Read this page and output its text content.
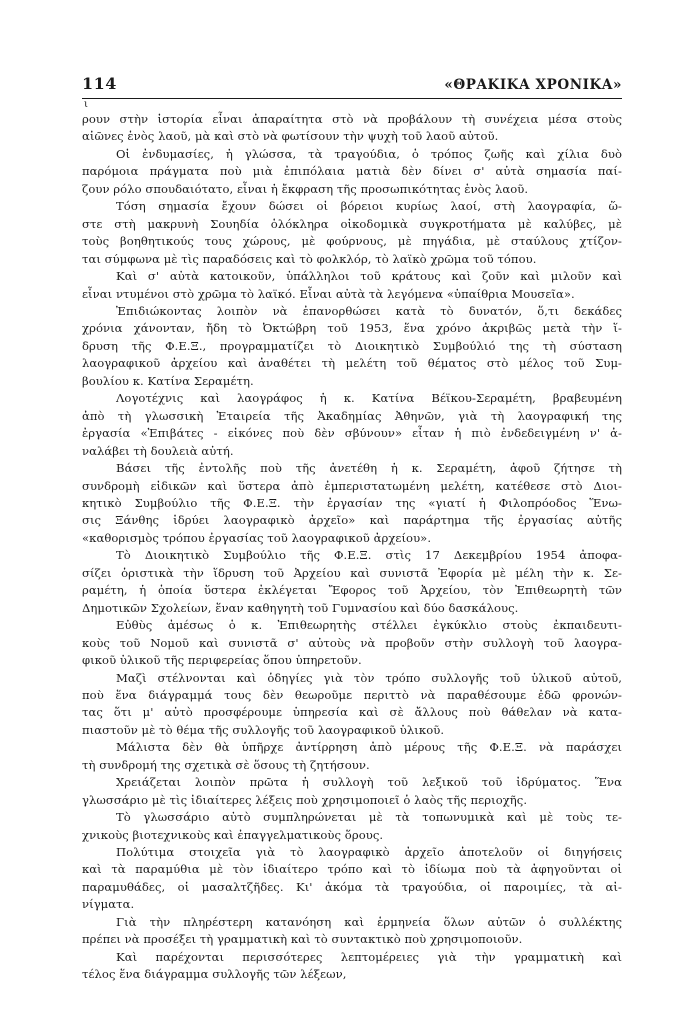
114	«ΘΡΑΚΙΚΑ ΧΡΟΝΙΚΑ»
ι
ρουν στὴν ἱστορία εἶναι ἀπαραίτητα στὸ νὰ προβάλουν τὴ συνέχεια μέσα στοὺς
αἰῶνες ἑνὸς λαοῦ, μὰ καὶ στὸ νὰ φωτίσουν τὴν ψυχὴ τοῦ λαοῦ αὐτοῦ.
Οἱ ἐνδυμασίες, ἡ γλώσσα, τὰ τραγούδια, ὁ τρόπος ζωῆς καὶ χίλια δυὸ
παρόμοια πράγματα ποὺ μιὰ ἐπιπόλαια ματιὰ δὲν δίνει σ' αὐτὰ σημασία παί-
ζουν ρόλο σπουδαιότατο, εἶναι ἡ ἔκφραση τῆς προσωπικότητας ἑνὸς λαοῦ.
Τόση σημασία ἔχουν δώσει οἱ βόρειοι κυρίως λαοί, στὴ λαογραφία, ὥ-
στε στὴ μακρυνὴ Σουηδία ὁλόκληρα οἰκοδομικὰ συγκροτήματα μὲ καλύβες, μὲ
τοὺς βοηθητικούς τους χώρους, μὲ φούρνους, μὲ πηγάδια, μὲ σταύλους χτίζον-
ται σύμφωνα μὲ τὶς παραδόσεις καὶ τὸ φολκλόρ, τὸ λαϊκὸ χρῶμα τοῦ τόπου.
Καὶ σ' αὐτὰ κατοικοῦν, ὑπάλληλοι τοῦ κράτους καὶ ζοῦν καὶ μιλοῦν καὶ
εἶναι ντυμένοι στὸ χρῶμα τὸ λαϊκό. Εἶναι αὐτὰ τὰ λεγόμενα «ὑπαίθρια Μουσεῖα».
Ἐπιδιώκοντας λοιπὸν νὰ ἐπανορθώσει κατὰ τὸ δυνατόν, ὅ,τι δεκάδες
χρόνια χάνονταν, ἤδη τὸ Ὀκτώβρη τοῦ 1953, ἕνα χρόνο ἀκριβῶς μετὰ τὴν ἵ-
δρυση τῆς Φ.Ε.Ξ., προγραμματίζει τὸ Διοικητικὸ Συμβούλιό της τὴ σύσταση
λαογραφικοῦ ἀρχείου καὶ ἀναθέτει τὴ μελέτη τοῦ θέματος στὸ μέλος τοῦ Συμ-
βουλίου κ. Κατίνα Σεραμέτη.
Λογοτέχνις καὶ λαογράφος ἡ κ. Κατίνα Βέϊκου-Σεραμέτη, βραβευμένη
ἀπὸ τὴ γλωσσικὴ Ἑταιρεία τῆς Ἀκαδημίας Ἀθηνῶν, γιὰ τὴ λαογραφική της
ἐργασία «Ἐπιβάτες - εἰκόνες ποὺ δὲν σβύνουν» εἶταν ἡ πιὸ ἐνδεδειγμένη ν' ἀ-
ναλάβει τὴ δουλειὰ αὐτή.
Βάσει τῆς ἐντολῆς ποὺ τῆς ἀνετέθη ἡ κ. Σεραμέτη, ἀφοῦ ζήτησε τὴ
συνδρομὴ εἰδικῶν καὶ ὕστερα ἀπὸ ἐμπεριστατωμένη μελέτη, κατέθεσε στὸ Διοι-
κητικὸ Συμβούλιο τῆς Φ.Ε.Ξ. τὴν ἐργασίαν της «γιατί ἡ Φιλοπρόοδος Ἕνω-
σις Ξάνθης ἱδρύει λαογραφικὸ ἀρχεῖο» καὶ παράρτημα τῆς ἐργασίας αὐτῆς
«καθορισμὸς τρόπου ἐργασίας τοῦ λαογραφικοῦ ἀρχείου».
Τὸ Διοικητικὸ Συμβούλιο τῆς Φ.Ε.Ξ. στὶς 17 Δεκεμβρίου 1954 ἀποφα-
σίζει ὁριστικὰ τὴν ἵδρυση τοῦ Ἀρχείου καὶ συνιστᾶ Ἐφορία μὲ μέλη τὴν κ. Σε-
ραμέτη, ἡ ὁποία ὕστερα ἐκλέγεται Ἔφορος τοῦ Ἀρχείου, τὸν Ἐπιθεωρητὴ τῶν
Δημοτικῶν Σχολείων, ἕναν καθηγητὴ τοῦ Γυμνασίου καὶ δύο δασκάλους.
Εὐθὺς ἀμέσως ὁ κ. Ἐπιθεωρητὴς στέλλει ἐγκύκλιο στοὺς ἐκπαιδευτι-
κοὺς τοῦ Νομοῦ καὶ συνιστᾶ σ' αὐτοὺς νὰ προβοῦν στὴν συλλογὴ τοῦ λαογρα-
φικοῦ ὑλικοῦ τῆς περιφερείας ὅπου ὑπηρετοῦν.
Μαζὶ στέλνονται καὶ ὁδηγίες γιὰ τὸν τρόπο συλλογῆς τοῦ ὑλικοῦ αὐτοῦ,
ποὺ ἕνα διάγραμμά τους δὲν θεωροῦμε περιττὸ νὰ παραθέσουμε ἐδῶ φρονών-
τας ὅτι μ' αὐτὸ προσφέρουμε ὑπηρεσία καὶ σὲ ἄλλους ποὺ θάθελαν νὰ κατα-
πιαστοῦν μὲ τὸ θέμα τῆς συλλογῆς τοῦ λαογραφικοῦ ὑλικοῦ.
Μάλιστα δὲν θὰ ὑπῆρχε ἀντίρρηση ἀπὸ μέρους τῆς Φ.Ε.Ξ. νὰ παράσχει
τὴ συνδρομή της σχετικὰ σὲ ὅσους τὴ ζητήσουν.
Χρειάζεται λοιπὸν πρῶτα ἡ συλλογὴ τοῦ λεξικοῦ τοῦ ἰδρύματος. Ἕνα
γλωσσάριο μὲ τὶς ἰδιαίτερες λέξεις ποὺ χρησιμοποιεῖ ὁ λαὸς τῆς περιοχῆς.
Τὸ γλωσσάριο αὐτὸ συμπληρώνεται μὲ τὰ τοπωνυμικὰ καὶ μὲ τοὺς τε-
χνικοὺς βιοτεχνικοὺς καὶ ἐπαγγελματικοὺς ὅρους.
Πολύτιμα στοιχεῖα γιὰ τὸ λαογραφικὸ ἀρχεῖο ἀποτελοῦν οἱ διηγήσεις
καὶ τὰ παραμύθια μὲ τὸν ἰδιαίτερο τρόπο καὶ τὸ ἰδίωμα ποὺ τὰ ἀφηγοῦνται οἱ
παραμυθάδες, οἱ μασαλτζῆδες. Κι' ἀκόμα τὰ τραγούδια, οἱ παροιμίες, τὰ αἰ-
νίγματα.
Γιὰ τὴν πληρέστερη κατανόηση καὶ ἑρμηνεία ὅλων αὐτῶν ὁ συλλέκτης
πρέπει νὰ προσέξει τὴ γραμματικὴ καὶ τὸ συντακτικὸ ποὺ χρησιμοποιοῦν.
Καὶ παρέχονται περισσότερες λεπτομέρειες γιὰ τὴν γραμματικὴ καὶ
τέλος ἕνα διάγραμμα συλλογῆς τῶν λέξεων,
